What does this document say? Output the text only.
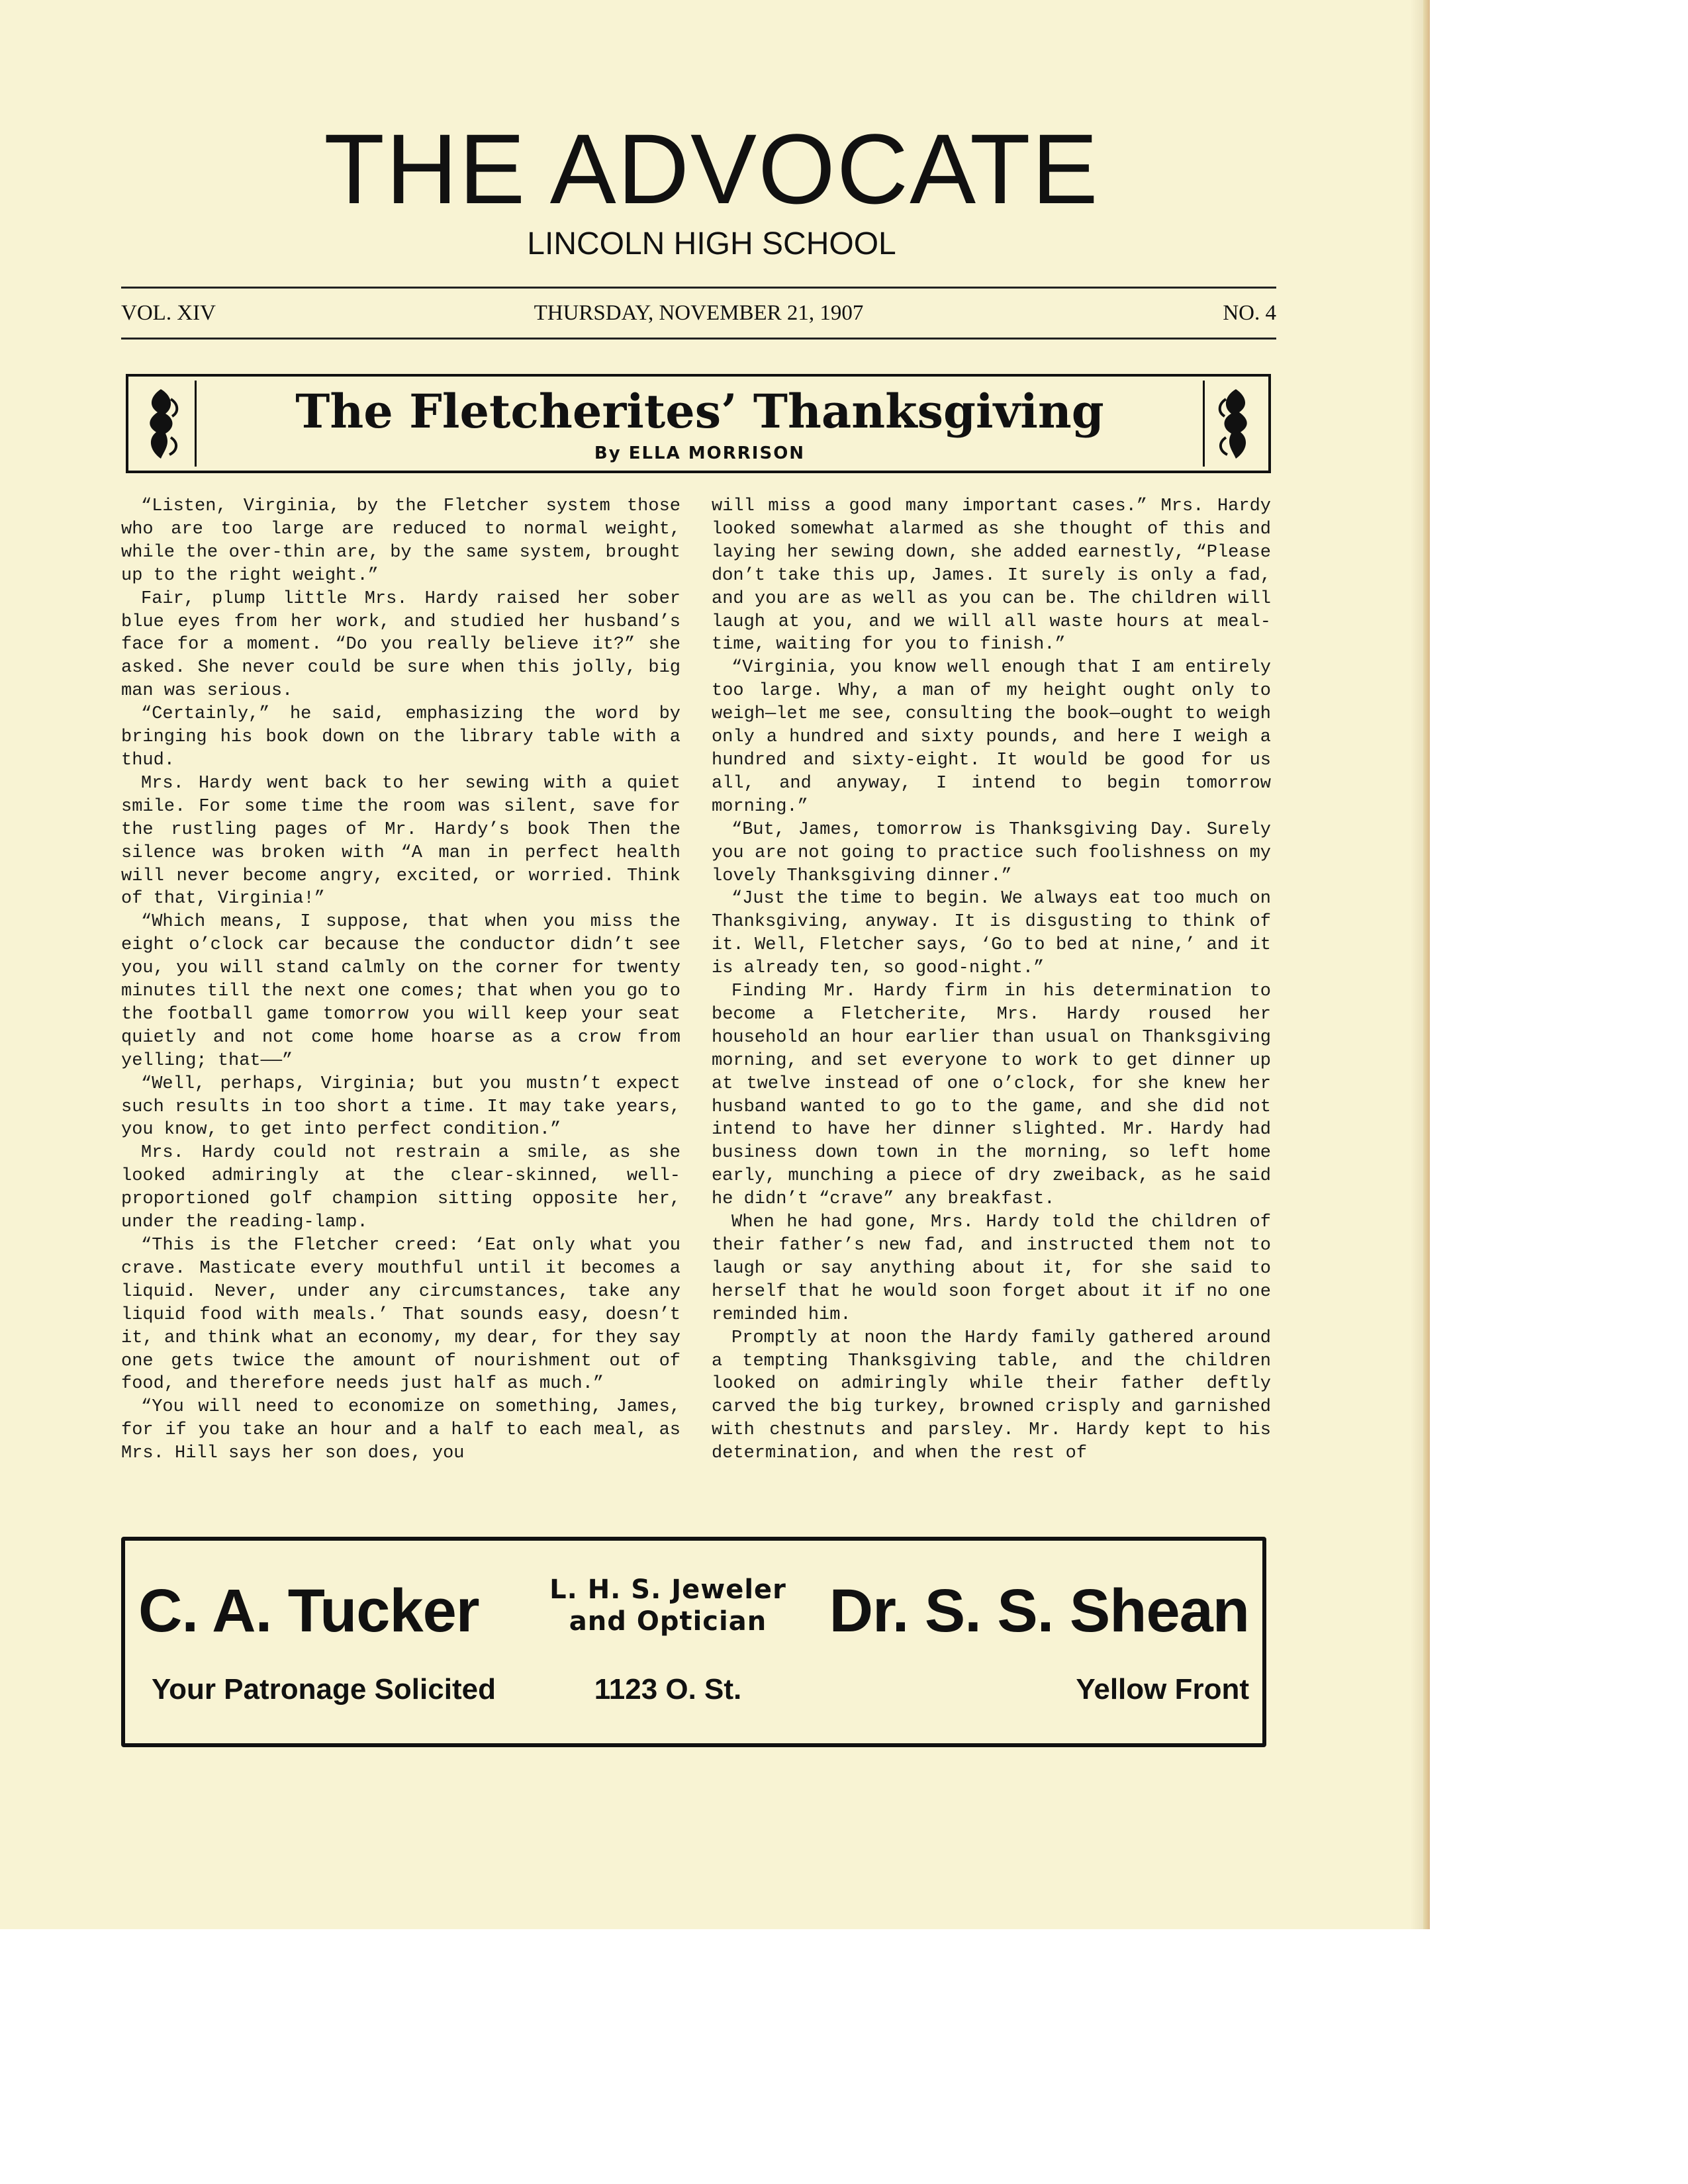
THE ADVOCATE
LINCOLN HIGH SCHOOL
VOL. XIV	THURSDAY, NOVEMBER 21, 1907	NO. 4
The Fletcherites’ Thanksgiving
By ELLA MORRISON

“Listen, Virginia, by the Fletcher system those who are too large are reduced to normal weight, while the over-thin are, by the same system, brought up to the right weight.”

Fair, plump little Mrs. Hardy raised her sober blue eyes from her work, and studied her husband’s face for a moment. “Do you really believe it?” she asked. She never could be sure when this jolly, big man was serious.

“Certainly,” he said, emphasizing the word by bringing his book down on the library table with a thud.

Mrs. Hardy went back to her sewing with a quiet smile. For some time the room was silent, save for the rustling pages of Mr. Hardy’s book Then the silence was broken with “A man in perfect health will never become angry, excited, or worried. Think of that, Virginia!”

“Which means, I suppose, that when you miss the eight o’clock car because the conductor didn’t see you, you will stand calmly on the corner for twenty minutes till the next one comes; that when you go to the football game tomorrow you will keep your seat quietly and not come home hoarse as a crow from yelling; that——”

“Well, perhaps, Virginia; but you mustn’t expect such results in too short a time. It may take years, you know, to get into perfect condition.”

Mrs. Hardy could not restrain a smile, as she looked admiringly at the clear-skinned, well-proportioned golf champion sitting opposite her, under the reading-lamp.

“This is the Fletcher creed: ‘Eat only what you crave. Masticate every mouthful until it becomes a liquid. Never, under any circumstances, take any liquid food with meals.’ That sounds easy, doesn’t it, and think what an economy, my dear, for they say one gets twice the amount of nourishment out of food, and therefore needs just half as much.”

“You will need to economize on something, James, for if you take an hour and a half to each meal, as Mrs. Hill says her son does, you

will miss a good many important cases.” Mrs. Hardy looked somewhat alarmed as she thought of this and laying her sewing down, she added earnestly, “Please don’t take this up, James. It surely is only a fad, and you are as well as you can be. The children will laugh at you, and we will all waste hours at meal-time, waiting for you to finish.”

“Virginia, you know well enough that I am entirely too large. Why, a man of my height ought only to weigh—let me see, consulting the book—ought to weigh only a hundred and sixty pounds, and here I weigh a hundred and sixty-eight. It would be good for us all, and anyway, I intend to begin tomorrow morning.”

“But, James, tomorrow is Thanksgiving Day. Surely you are not going to practice such foolishness on my lovely Thanksgiving dinner.”

“Just the time to begin. We always eat too much on Thanksgiving, anyway. It is disgusting to think of it. Well, Fletcher says, ‘Go to bed at nine,’ and it is already ten, so good-night.”

Finding Mr. Hardy firm in his determination to become a Fletcherite, Mrs. Hardy roused her household an hour earlier than usual on Thanksgiving morning, and set everyone to work to get dinner up at twelve instead of one o’clock, for she knew her husband wanted to go to the game, and she did not intend to have her dinner slighted. Mr. Hardy had business down town in the morning, so left home early, munching a piece of dry zweiback, as he said he didn’t “crave” any breakfast.

When he had gone, Mrs. Hardy told the children of their father’s new fad, and instructed them not to laugh or say anything about it, for she said to herself that he would soon forget about it if no one reminded him.

Promptly at noon the Hardy family gathered around a tempting Thanksgiving table, and the children looked on admiringly while their father deftly carved the big turkey, browned crisply and garnished with chestnuts and parsley. Mr. Hardy kept to his determination, and when the rest of

C. A. Tucker	L. H. S. Jeweler
and Optician	Dr. S. S. Shean
Your Patronage Solicited	1123 O. St.	Yellow Front
